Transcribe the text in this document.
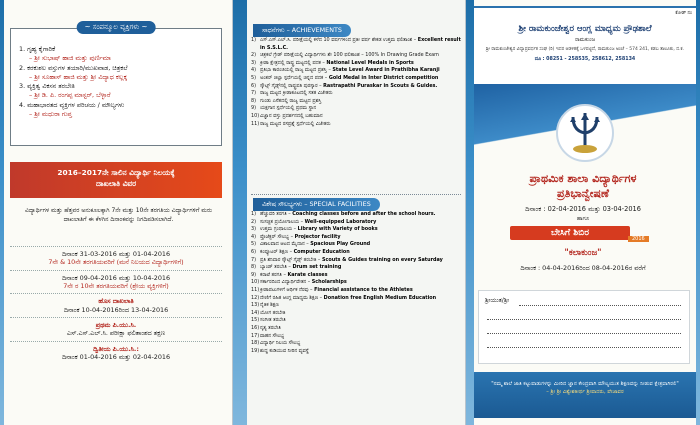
~ ಸಂಪನ್ಮೂಲ ವ್ಯಕ್ತಿಗಳು ~
1. ಗೃಹ್ಯ ಕೈಗಾರಿಕೆ
– ಶ್ರೀ ಸುಭಾಷ್ ಹಾಜಿ ಮತ್ತು ಪುರ್ಣಿಮಾ
2. ಕರಕುಶಲ ವಸ್ತುಗಳ ತಯಾರಿ/ಮುಖವಾಡ, ಚಿತ್ರಕಲೆ
– ಶ್ರೀ ಸೂಹಾಸ್ ಹಾಜಿ ಮತ್ತು ಶ್ರೀ ವಿದ್ಯಾಧ ಕಲ್ಲಕ್ಕ
3. ವ್ಯಕ್ತಿತ್ವ ವಿಕಸನ ತರಬೇತಿ
– ಶ್ರೀ ಡಿ. ಪಿ. ರಂಗಪ್ಪ ಮಾಸ್ಟರ್, ಬೆಳ್ಳಾರೆ
4. ಮಹಾಭಾರತದ ವ್ಯಕ್ತಿಗಳ ಪರಿಚಯ / ಮೌಲ್ಯಗಳು
– ಶ್ರೀ ಮಧುರಾ ಗುಪ್ತ
2016–2017ನೇ ಸಾಲಿನ ವಿದ್ಯಾರ್ಥಿ ನಿಲಯಕ್ಕೆ
ದಾಖಲಾತಿ ವಿವರ
ವಿದ್ಯಾರ್ಥಿಗಳ ಮತ್ತು ಹೆತ್ತವರ ಅನುಕೂಲಕ್ಕಾಗಿ 7ನೇ ಮತ್ತು 10ನೇ ತರಗತಿಯ ವಿದ್ಯಾರ್ಥಿಗಳಿಗೆ ಮರು ದಾಖಲಾತಿಗೆ ಈ ಕೆಳಗಿನ ದಿನಾಂಕವನ್ನು ನಿಗದಿಪಡಿಸಲಾಗಿದೆ.
ದಿನಾಂಕ 31-03-2016 ಮತ್ತು 01-04-2016
7ನೇ & 10ನೇ ತರಗತಿಯವರಿಗೆ (ಮನೆ ನಿಲಯದ ವಿದ್ಯಾರ್ಥಿಗಳಿಗೆ)
ದಿನಾಂಕ 09-04-2016 ಮತ್ತು 10-04-2016
7ನೇ ರ 10ನೇ ತರಗತಿಯವರಿಗೆ (ಶ್ರೇಯ ವ್ಯಕ್ತಿಗಳಿಗೆ)
ಹೊಸ ದಾಖಲಾತಿ
ದಿನಾಂಕ 10-04-2016ರಿಂದ 13-04-2016
ಪ್ರಥಮ ಪಿ.ಯು.ಸಿ.
ಎಸ್.ಎಸ್.ಎಲ್.ಸಿ. ಪರೀಕ್ಷಾ ಫಲಿತಾಂಶದ ತಕ್ಷಣ
ದ್ವಿತೀಯ ಪಿ.ಯು.ಸಿ.:
ದಿನಾಂಕ 01-04-2016 ಮತ್ತು 02-04-2016
ಸಾಧನೆಗಳು – ACHIEVEMENTS
1) ಎಸ್.ಎಸ್.ಎಲ್.ಸಿ. ಪರೀಕ್ಷೆಯಲ್ಲಿ ಕಳೆದ 10 ವರ್ಷಗಳಿಂದ ಪ್ರತೀ ವರ್ಷ ಶೇಕಡ ಉತ್ತಮ ಫಲಿತಾಂಶ – Excellent result in S.S.L.C.
2) ಚಿತ್ರಕಲೆ ಗ್ರೇಡ್ ಪರೀಕ್ಷೆಯಲ್ಲಿ ವಿದ್ಯಾರ್ಥಿಗಳು ಶೇ 100 ಫಲಿತಾಂಶ – 100% In Drawing Grade Exam
3) ಕ್ರೀಡಾ ಕ್ಷೇತ್ರದಲ್ಲಿ ರಾಷ್ಟ್ರ ಮಟ್ಟದಲ್ಲಿ ಪದಕ – National Level Medals in Sports
4) ಪ್ರತಿಭಾ ಕಾರಂಜಿಯಲ್ಲಿ ರಾಜ್ಯ ಮಟ್ಟದ ಪ್ರಶಸ್ತಿ – State Level Award in Prathibha Karanji
5) ಅಂತರ್ ಜಿಲ್ಲಾ ಸ್ಪರ್ಧೆಯಲ್ಲಿ ಚಿನ್ನದ ಪದಕ – Gold Medal in Inter District competition
6) ಸ್ಕೌಟ್ಸ್ ಗೈಡ್ಸ್‌ನಲ್ಲಿ ರಾಷ್ಟ್ರಪತಿ ಪುರಸ್ಕಾರ – Rastrapathi Puraskar in Scouts & Guides.
7) ರಾಜ್ಯ ಮಟ್ಟದ ಕ್ರೀಡಾಕೂಟದಲ್ಲಿ ಸತತ ವಿಜೇತರು
8) ಗುಂಡು ಎಸೆತದಲ್ಲಿ ರಾಜ್ಯ ಮಟ್ಟದ ಪ್ರಶಸ್ತಿ
9) ಯಕ್ಷಗಾನ ಸ್ಪರ್ಧೆಯಲ್ಲಿ ಪ್ರಥಮ ಸ್ಥಾನ
10) ವಿಜ್ಞಾನ ವಸ್ತು ಪ್ರದರ್ಶನದಲ್ಲಿ ಬಹುಮಾನ
11) ರಾಜ್ಯ ಮಟ್ಟದ ರಸಪ್ರಶ್ನೆ ಸ್ಪರ್ಧೆಯಲ್ಲಿ ವಿಜೇತರು
ವಿಶೇಷ ಸೌಲಭ್ಯಗಳು – SPECIAL FACILITIES
1) ಹೆಚ್ಚುವರಿ ತರಗತಿ – Coaching classes before and after the school hours.
2) ಸುಸಜ್ಜಿತ ಪ್ರಯೋಗಾಲಯ – Well-equipped Laboratory
3) ಉತ್ತಮ ಗ್ರಂಥಾಲಯ – Library with Variety of books
4) ಪ್ರೊಜೆಕ್ಟರ್ ಸೌಲಭ್ಯ – Projector facility
5) ವಿಶಾಲವಾದ ಆಟದ ಮೈದಾನ – Spacious Play Ground
6) ಕಂಪ್ಯೂಟರ್ ಶಿಕ್ಷಣ – Computer Education
7) ಪ್ರತಿ ಶನಿವಾರ ಸ್ಕೌಟ್ಸ್ ಗೈಡ್ಸ್ ತರಬೇತಿ – Scouts & Guides training on every Saturday
8) ಬ್ಯಾಂಡ್ ತರಬೇತಿ – Drum set training
9) ಕರಾಟೆ ತರಗತಿ – Karate classes
10) ಸರ್ಕಾರದಿಂದ ವಿದ್ಯಾರ್ಥಿವೇತನ – Scholarships
11) ಕ್ರೀಡಾಪಟುಗಳಿಗೆ ಆರ್ಥಿಕ ನೆರವು – Financial assistance to the Athletes
12) ದೇಣಿಗೆ ರಹಿತ ಆಂಗ್ಲ ಮಾಧ್ಯಮ ಶಿಕ್ಷಣ – Donation free English Medium Education
13) ನೈತಿಕ ಶಿಕ್ಷಣ
14) ಯೋಗ ತರಬೇತಿ
15) ಸಂಗೀತ ತರಬೇತಿ
16) ನೃತ್ಯ ತರಬೇತಿ
17) ವಾಹನ ಸೌಲಭ್ಯ
18) ವಿದ್ಯಾರ್ಥಿ ನಿಲಯ ಸೌಲಭ್ಯ
19) ಶುದ್ಧ ಕುಡಿಯುವ ನೀರಿನ ವ್ಯವಸ್ಥೆ
ಕೋಡ್ ನಂ
ಶ್ರೀ ರಾಮಕುಂಜೇಶ್ವರ ಆಂಗ್ಲ ಮಾಧ್ಯಮ ಪ್ರೌಢಶಾಲೆ
ರಾಮಕುಂಜ
ಶ್ರೀ ರಾಮಕುಂಜೇಶ್ವರ ವಿದ್ಯಾಪ್ರವರ್ಧಕ ಸಂಘ (ರಿ) ಇದರ ಆಡಳಿತಕ್ಕೆ ಒಳಪಟ್ಟಿದೆ, ರಾಮಕುಂಜ ಅಂಚೆ – 574 241, ಕಡಬ ತಾಲೂಕು, ದ.ಕ.
ದೂ : 08251 - 258535, 258612, 258134
ಪ್ರಾಥಮಿಕ ಶಾಲಾ ವಿದ್ಯಾರ್ಥಿಗಳ
ಪ್ರತಿಭಾನ್ವೇಷಣೆ
ದಿನಾಂಕ : 02-04-2016 ಮತ್ತು 03-04-2016
ಹಾಗೂ
ಬೇಸಿಗೆ ಶಿಬಿರ
2016
"ಕಲಾಕುಂಜ"
ದಿನಾಂಕ : 04-04-2016ರಿಂದ 08-04-2016ರ ವರೆಗೆ
ಶ್ರೀಯುತ/ಶ್ರೀ
"ನಮ್ಮ ಶಾಲೆ ಜಾತಿ ಕಟ್ಟುಪಾಡುಗಳನ್ನು ಮೀರಿದ ಜ್ಞಾನ ಕೇಂದ್ರವಾಗಿ ಮೌಲ್ಯಯುತ ಶಿಕ್ಷಣವನ್ನು ನೀಡುವ ಕ್ಷೇತ್ರವಾಗಿರಲಿ"
– ಶ್ರೀ ಶ್ರೀ ವಿಶ್ವೇಶತೀರ್ಥ ಶ್ರೀಪಾದರು, ಪೇಜಾವರ
